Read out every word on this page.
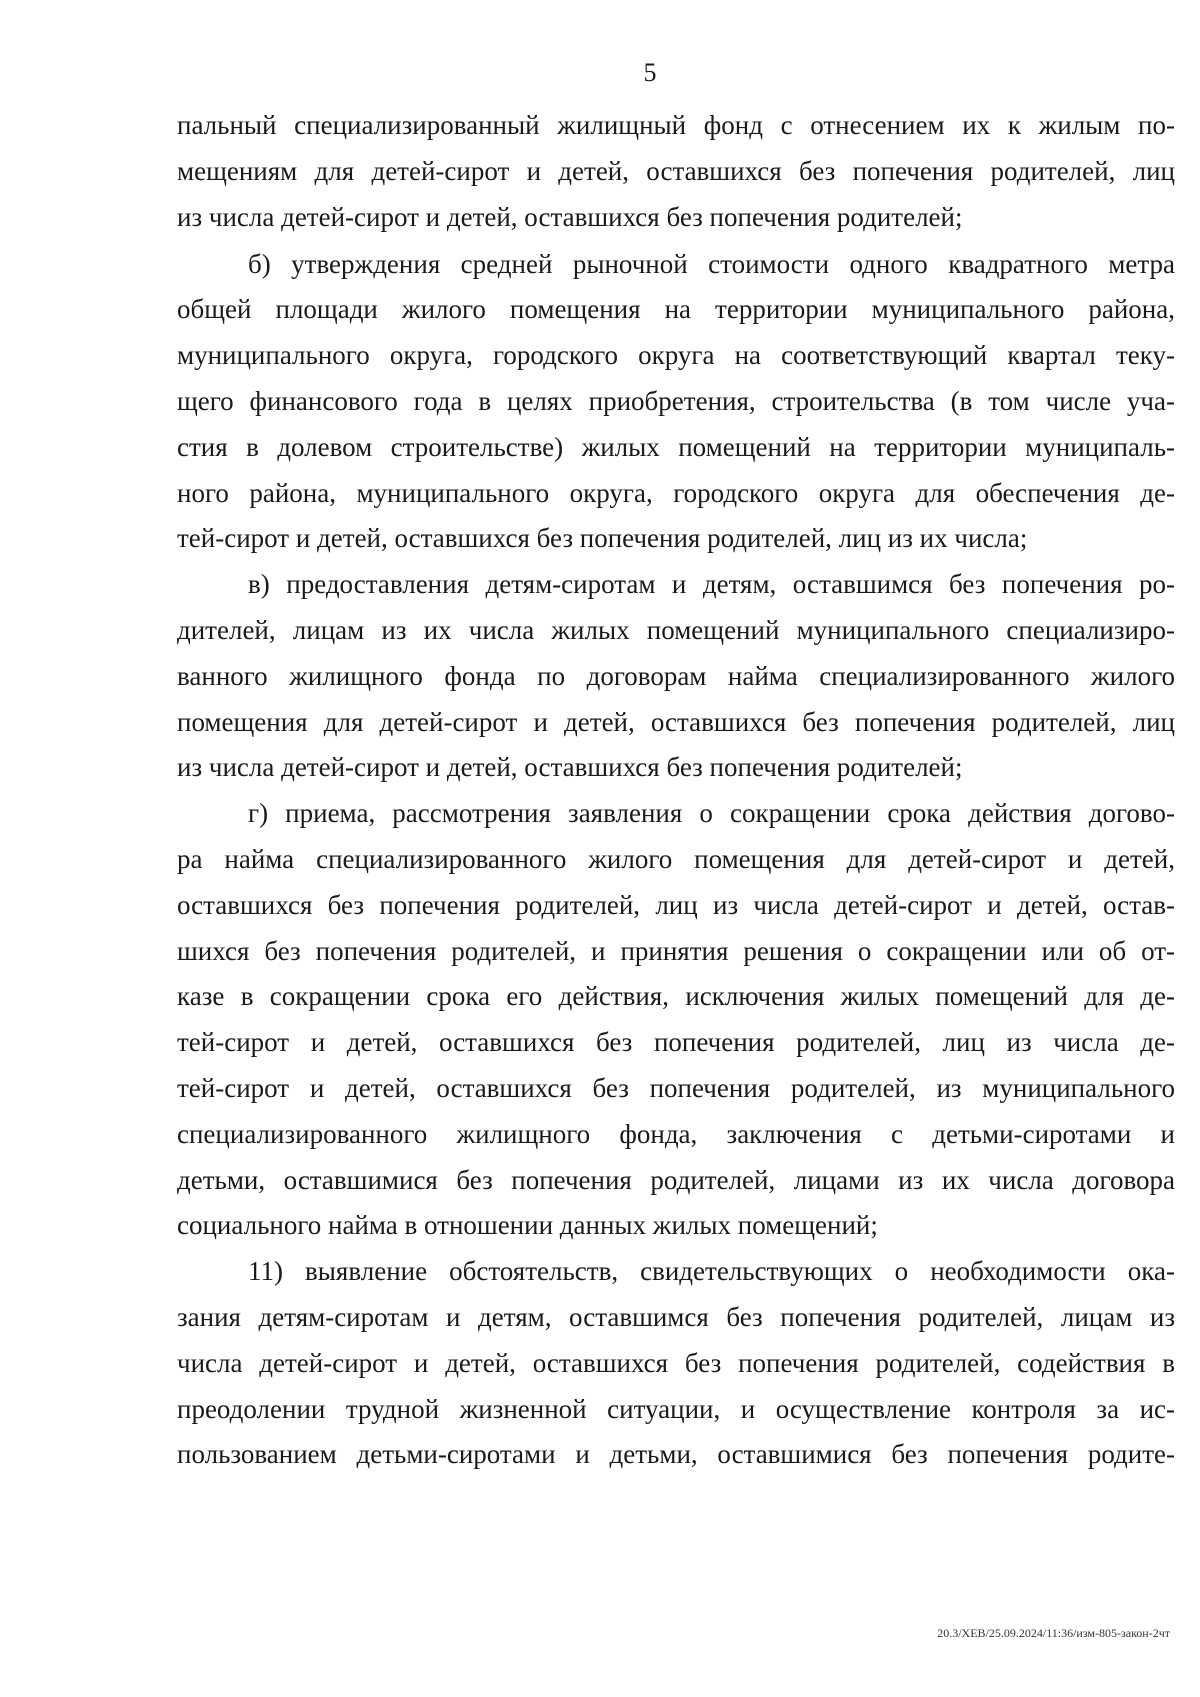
5
пальный специализированный жилищный фонд с отнесением их к жилым по-
мещениям для детей-сирот и детей, оставшихся без попечения родителей, лиц
из числа детей-сирот и детей, оставшихся без попечения родителей;
б) утверждения средней рыночной стоимости одного квадратного метра
общей площади жилого помещения на территории муниципального района,
муниципального округа, городского округа на соответствующий квартал теку-
щего финансового года в целях приобретения, строительства (в том числе уча-
стия в долевом строительстве) жилых помещений на территории муниципаль-
ного района, муниципального округа, городского округа для обеспечения де-
тей-сирот и детей, оставшихся без попечения родителей, лиц из их числа;
в) предоставления детям-сиротам и детям, оставшимся без попечения ро-
дителей, лицам из их числа жилых помещений муниципального специализиро-
ванного жилищного фонда по договорам найма специализированного жилого
помещения для детей-сирот и детей, оставшихся без попечения родителей, лиц
из числа детей-сирот и детей, оставшихся без попечения родителей;
г) приема, рассмотрения заявления о сокращении срока действия догово-
ра найма специализированного жилого помещения для детей-сирот и детей,
оставшихся без попечения родителей, лиц из числа детей-сирот и детей, остав-
шихся без попечения родителей, и принятия решения о сокращении или об от-
казе в сокращении срока его действия, исключения жилых помещений для де-
тей-сирот и детей, оставшихся без попечения родителей, лиц из числа де-
тей-сирот и детей, оставшихся без попечения родителей, из муниципального
специализированного жилищного фонда, заключения с детьми-сиротами и
детьми, оставшимися без попечения родителей, лицами из их числа договора
социального найма в отношении данных жилых помещений;
11) выявление обстоятельств, свидетельствующих о необходимости ока-
зания детям-сиротам и детям, оставшимся без попечения родителей, лицам из
числа детей-сирот и детей, оставшихся без попечения родителей, содействия в
преодолении трудной жизненной ситуации, и осуществление контроля за ис-
пользованием детьми-сиротами и детьми, оставшимися без попечения родите-
20.3/ХЕВ/25.09.2024/11:36/изм-805-закон-2чт
